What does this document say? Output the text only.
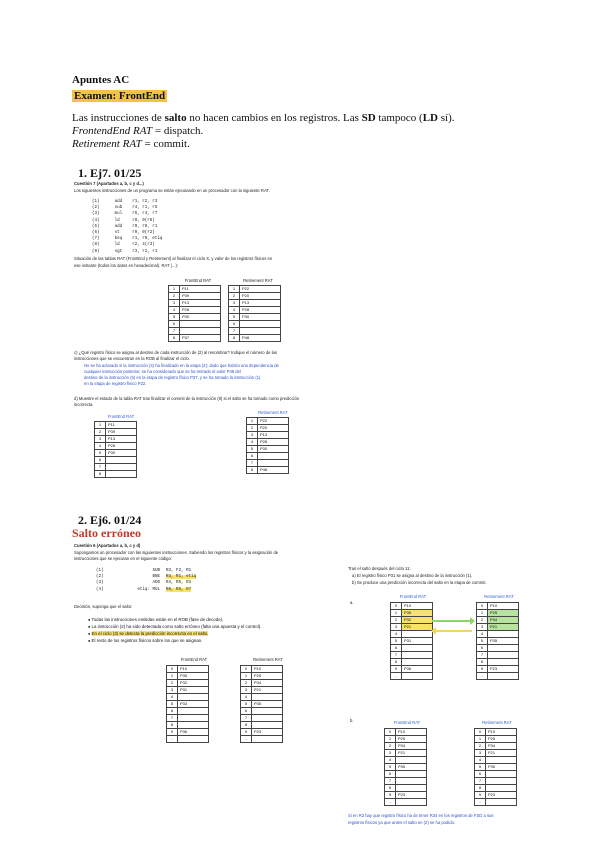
Apuntes AC
Examen: FrontEnd
Las instrucciones de salto no hacen cambios en los registros. Las SD tampoco (LD sí).
FrontendEnd RAT = dispatch.
Retirement RAT = commit.
1. Ej7. 01/25
Cuestión 7 (Apartados a, b, c y d...)
Los siguientes instrucciones de un programa se están ejecutando en un procesador con la siguiente RAT.
(1)      add    r1, r2, r3
(2)      sub    r4, r1, r5
(3)      mul    r6, r4, r7
(4)      ld     r8, 0(r6)
(5)      add    r9, r8, r1
(6)      st     r9, 0(r2)
(7)      beq    r1, r0, etiq
(8)      ld     r2, 4(r3)
(9)      sgt    r3, r2, r1
Situación de las tablas RAT (FrontEnd y Retirement) al finalizar el ciclo X, y valor de los registros físicos en
ese instante (todos los datos en hexadecimal). RAT (...):
FrontEnd RAT
1	P11
2	P39
3	P13
4	P28
5	P30
6	
7	
8	P37
Retirement RAT
1	P22
2	P20
3	P13
4	P28
5	P30
6	
7	
8	P48
c) ¿Qué registro físico se asigna al destino de cada instrucción de (2) al renombrar? Indique el número de las
instrucciones que se encuentran en la ROB al finalizar el ciclo.
No se ha aclarado si la instrucción (4) ha finalizado en la etapa (2); dado que habría una dependencia de
cualquier instrucción posterior, se ha considerado que se ha retirado el valor P48 del
destino de la instrucción (5) en la etapa de registro físico P37, y se ha tomado la instrucción (1)
en la etapa de registro físico P22.
d) Muestre el estado de la tabla RAT tras finalizar el commit de la instrucción (8) si el salto se ha tomado como predicción
incorrecta.
FrontEnd RAT
1	P11
2	P39
3	P13
4	P28
5	P30
6	
7	
8	
Retirement RAT
1	P22
2	P20
3	P13
4	P28
5	P30
6	
7	
8	P48
2. Ej6. 01/24
Salto erróneo
Cuestión 6 (Apartados a, b, c y d)
Supongamos un procesador con las siguientes instrucciones. Sabiendo los registros físicos y la asignación de
instrucciones que se ejecutan en el siguiente código:
(1)	SUB R3, F2, R1
(2)	BNE R3, R1, etiq
(3)	ADD R4, R5, R3
(4)	etiq: MUL R6, R5, R7
Decisión, suponga que el salto:
● Todas las instrucciones emitidas están en el ROB (fase de decode).
● La instrucción (2) ha sido detectada como salto erróneo (falta una apuesta y el control).
● En el ciclo (3) se detecta la predicción incorrecta en el salto.
● El resto de los registros físicos sobre los que se asignan.
FrontEnd RAT
0	P10
1	P35
2	P32
3	P31
4	
5	P33
6	
7	
8	
9	P36
-	
Retirement RAT
0	P10
1	P25
2	P34
3	P21
4	
5	P35
6	
7	
8	
9	P23
-	
Tras el salto después del ciclo 11:
a) El registro físico P31 se asigna al destino de la instrucción (1).
b) Se produce una predicción incorrecta del salto en la etapa de commit.
a.
FrontEnd RAT
0	P10
1	P35
2	P32
3	P21
4	
5	P31
6	
7	
8	
9	P36
-	
Retirement RAT
0	P10
1	P25
2	P34
3	P21
4	
5	P35
6	
7	
8	
9	P23
-	
b.	FrontEnd RAT
0	P10
1	P25
2	P34
3	P21
4	
5	P35
6	
7	
8	
9	P23
-	
Retirement RAT
0	P10
1	P25
2	P34
3	P21
4	
5	P35
6	
7	
8	
9	P23
-	
Si en R3 hay que registro físico ha de tener R34 en los registros de FSD a sus
registros físicos ya que antes el salto en (2) se ha podido.
